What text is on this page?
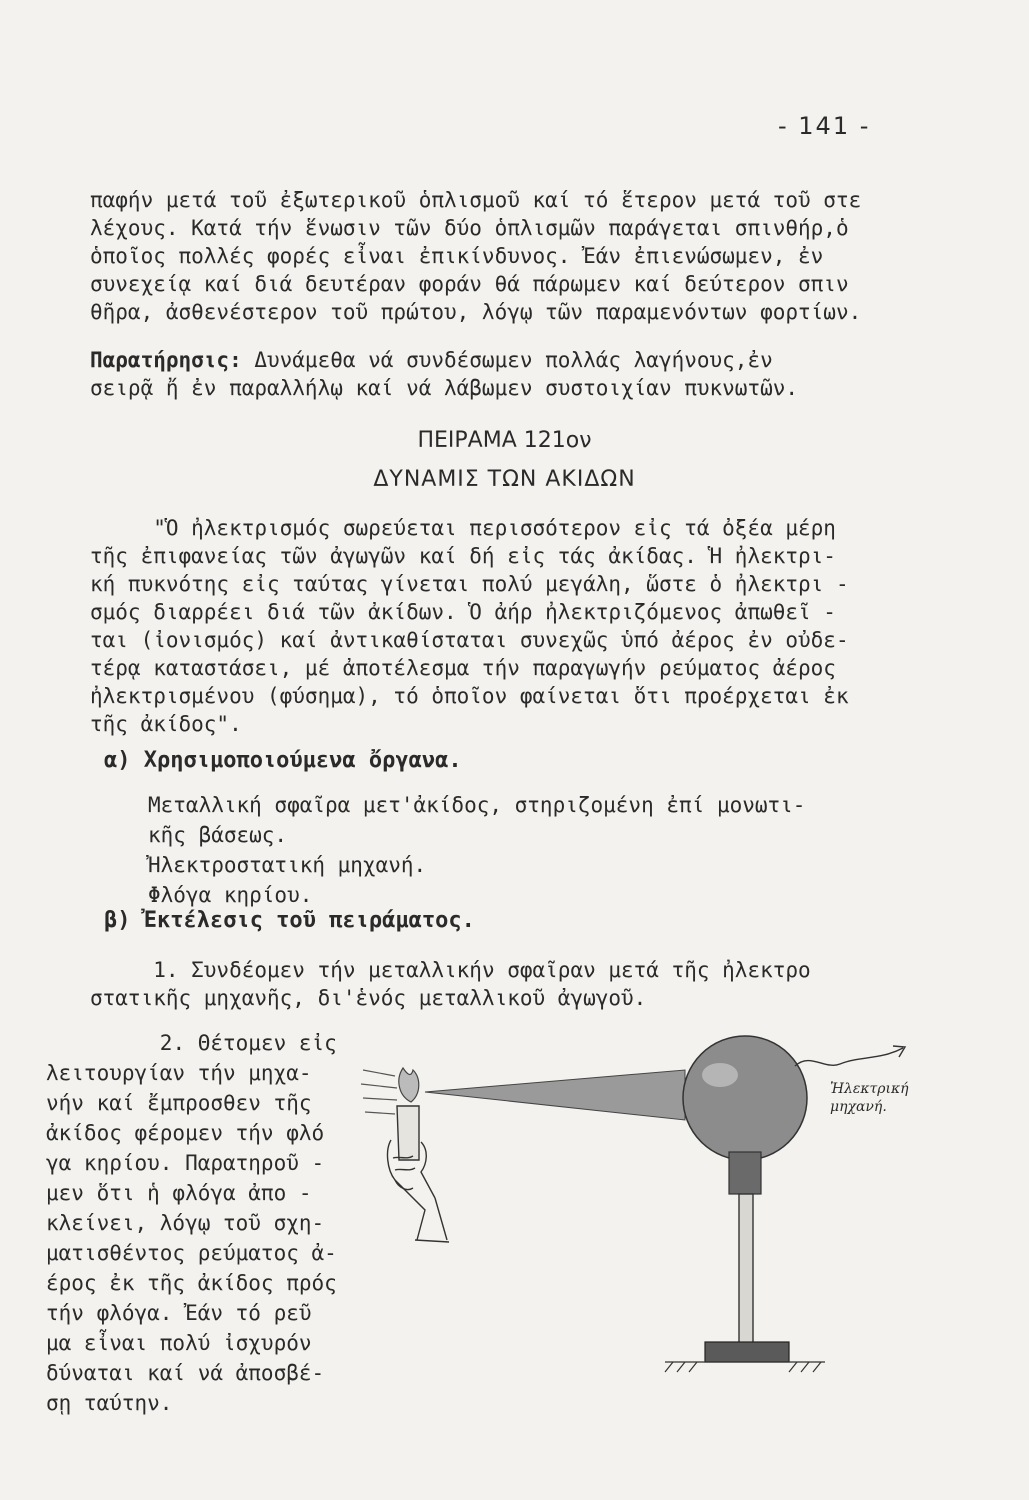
- 141 -

παφήν μετά τοῦ ἐξωτερικοῦ ὁπλισμοῦ καί τό ἕτερον μετά τοῦ στε
λέχους. Κατά τήν ἕνωσιν τῶν δύο ὁπλισμῶν παράγεται σπινθήρ,ὁ
ὁποῖος πολλές φορές εἶναι ἐπικίνδυνος. Ἐάν ἐπιενώσωμεν, ἐν
συνεχείᾳ καί διά δευτέραν φοράν θά πάρωμεν καί δεύτερον σπιν
θῆρα, ἀσθενέστερον τοῦ πρώτου, λόγῳ τῶν παραμενόντων φορτίων.

Παρατήρησις: Δυνάμεθα νά συνδέσωμεν πολλάς λαγήνους,ἐν
σειρᾷ ἤ ἐν παραλλήλῳ καί νά λάβωμεν συστοιχίαν πυκνωτῶν.

ΠΕΙΡΑΜΑ 121ον
ΔΥΝΑΜΙΣ ΤΩΝ ΑΚΙΔΩΝ

"Ὁ ἠλεκτρισμός σωρεύεται περισσότερον εἰς τά ὀξέα μέρη
τῆς ἐπιφανείας τῶν ἀγωγῶν καί δή εἰς τάς ἀκίδας. Ἡ ἠλεκτρι-
κή πυκνότης εἰς ταύτας γίνεται πολύ μεγάλη, ὥστε ὁ ἠλεκτρι -
σμός διαρρέει διά τῶν ἀκίδων. Ὁ ἀήρ ἠλεκτριζόμενος ἀπωθεῖ -
ται (ἰονισμός) καί ἀντικαθίσταται συνεχῶς ὑπό ἀέρος ἐν οὐδε-
τέρᾳ καταστάσει, μέ ἀποτέλεσμα τήν παραγωγήν ρεύματος ἀέρος
ἠλεκτρισμένου (φύσημα), τό ὁποῖον φαίνεται ὅτι προέρχεται ἐκ
τῆς ἀκίδος".

α) Χρησιμοποιούμενα ὄργανα.

Μεταλλική σφαῖρα μετ'ἀκίδος, στηριζομένη ἐπί μονωτι-
κῆς βάσεως.
Ἠλεκτροστατική μηχανή.
Φλόγα κηρίου.

β) Ἐκτέλεσις τοῦ πειράματος.

1. Συνδέομεν τήν μεταλλικήν σφαῖραν μετά τῆς ἠλεκτρο
στατικῆς μηχανῆς, δι'ἑνός μεταλλικοῦ ἀγωγοῦ.

2. Θέτομεν εἰς
λειτουργίαν τήν μηχα-
νήν καί ἔμπροσθεν τῆς
ἀκίδος φέρομεν τήν φλό
γα κηρίου. Παρατηροῦ -
μεν ὅτι ἡ φλόγα ἀπο -
κλείνει, λόγῳ τοῦ σχη-
ματισθέντος ρεύματος ἀ-
έρος ἐκ τῆς ἀκίδος πρός
τήν φλόγα. Ἐάν τό ρεῦ
μα εἶναι πολύ ἰσχυρόν
δύναται καί νά ἀποσβέ-
σῃ ταύτην.

Ἠλεκτρική
μηχανή.
